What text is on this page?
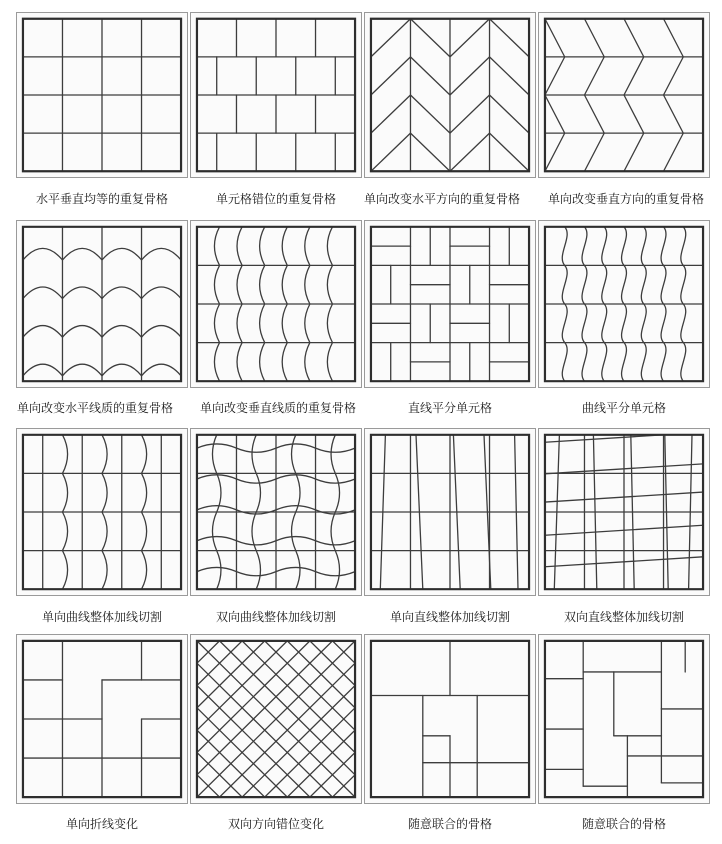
水平垂直均等的重复骨格	单元格错位的重复骨格	单向改变水平方向的重复骨格	单向改变垂直方向的重复骨格
单向改变水平线质的重复骨格	单向改变垂直线质的重复骨格	直线平分单元格	曲线平分单元格
单向曲线整体加线切割	双向曲线整体加线切割	单向直线整体加线切割	双向直线整体加线切割
单向折线变化	双向方向错位变化	随意联合的骨格	随意联合的骨格
